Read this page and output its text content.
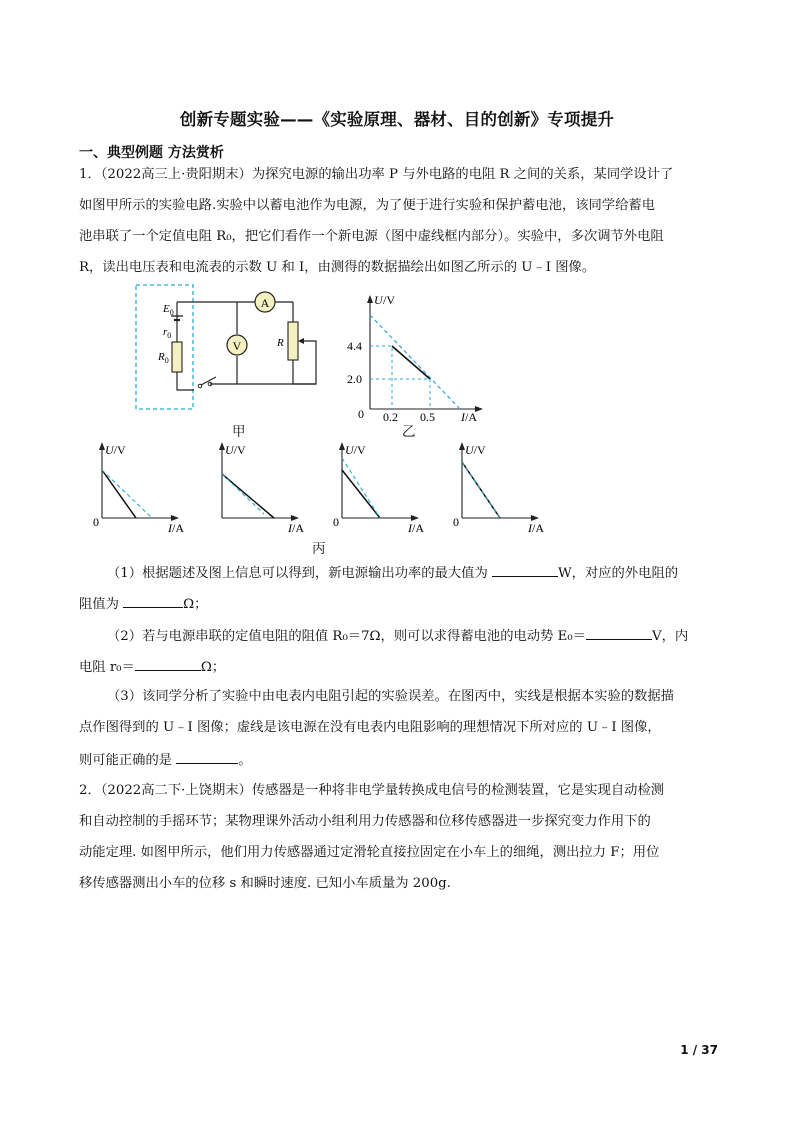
创新专题实验——《实验原理、器材、目的创新》专项提升
一、典型例题 方法赏析
1．（2022高三上·贵阳期末）为探究电源的输出功率 P 与外电路的电阻 R 之间的关系，某同学设计了
如图甲所示的实验电路.实验中以蓄电池作为电源，为了便于进行实验和保护蓄电池，该同学给蓄电
池串联了一个定值电阻 R₀，把它们看作一个新电源（图中虚线框内部分）。实验中，多次调节外电阻
R，读出电压表和电流表的示数 U 和 I，由测得的数据描绘出如图乙所示的 U﹣I 图像。
A
V
$E_0$
$r_0$
$R_0$
R
甲
U /V
4.4
2.0
0 0.2 0.5 I/A
乙
U/V
0	I/A
U/V
I/A
U/V
0	I/A
U/V
0	I/A
丙
（1）根据题述及图上信息可以得到，新电源输出功率的最大值为	W，对应的外电阻的
阻值为	Ω；
（2）若与电源串联的定值电阻的阻值 R₀＝7Ω，则可以求得蓄电池的电动势 E₀＝	V，内
电阻 r₀＝	Ω；
（3）该同学分析了实验中由电表内电阻引起的实验误差。在图丙中，实线是根据本实验的数据描
点作图得到的 U﹣I 图像；虚线是该电源在没有电表内电阻影响的理想情况下所对应的 U﹣I 图像，
则可能正确的是	。
2．（2022高二下·上饶期末）传感器是一种将非电学量转换成电信号的检测装置，它是实现自动检测
和自动控制的手摇环节；某物理课外活动小组利用力传感器和位移传感器进一步探究变力作用下的
动能定理. 如图甲所示，他们用力传感器通过定滑轮直接拉固定在小车上的细绳，测出拉力 F；用位
移传感器测出小车的位移 s 和瞬时速度. 已知小车质量为 200g.
1 / 37
